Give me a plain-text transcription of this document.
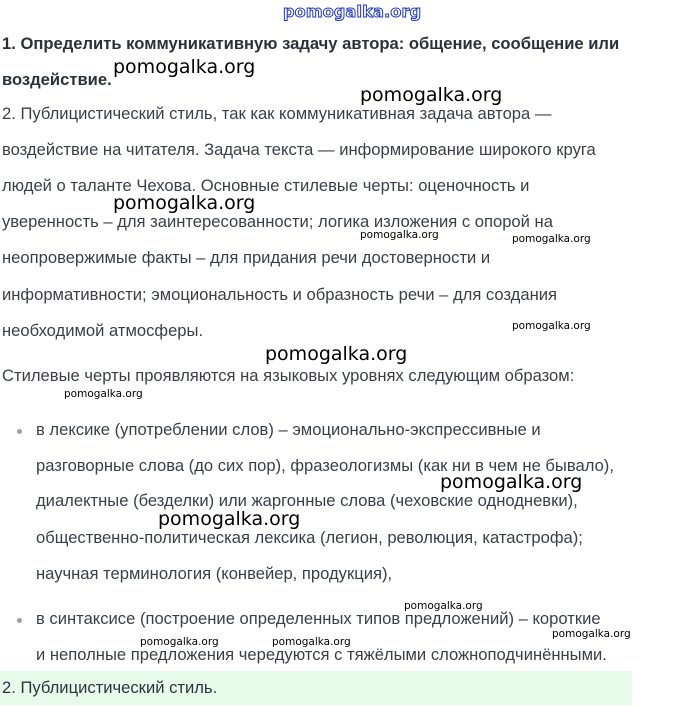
1. Определить коммуникативную задачу автора: общение, сообщение или
воздействие.
2. Публицистический стиль, так как коммуникативная задача автора —
воздействие на читателя. Задача текста — информирование широкого круга
людей о таланте Чехова. Основные стилевые черты: оценочность и
уверенность – для заинтересованности; логика изложения с опорой на
неопровержимые факты – для придания речи достоверности и
информативности; эмоциональность и образность речи – для создания
необходимой атмосферы.
Стилевые черты проявляются на языковых уровнях следующим образом:
в лексике (употреблении слов) – эмоционально-экспрессивные и
разговорные слова (до сих пор), фразеологизмы (как ни в чем не бывало),
диалектные (безделки) или жаргонные слова (чеховские однодневки),
общественно-политическая лексика (легион, революция, катастрофа);
научная терминология (конвейер, продукция),
в синтаксисе (построение определенных типов предложений) – короткие
и неполные предложения чередуются с тяжёлыми сложноподчинёнными.
2. Публицистический стиль.
pomogalka.org
pomogalka.org
pomogalka.org
pomogalka.org
pomogalka.org	pomogalka.org
pomogalka.org
pomogalka.org
pomogalka.org
pomogalka.org
pomogalka.org
pomogalka.org
pomogalka.org
pomogalka.org	pomogalka.org
